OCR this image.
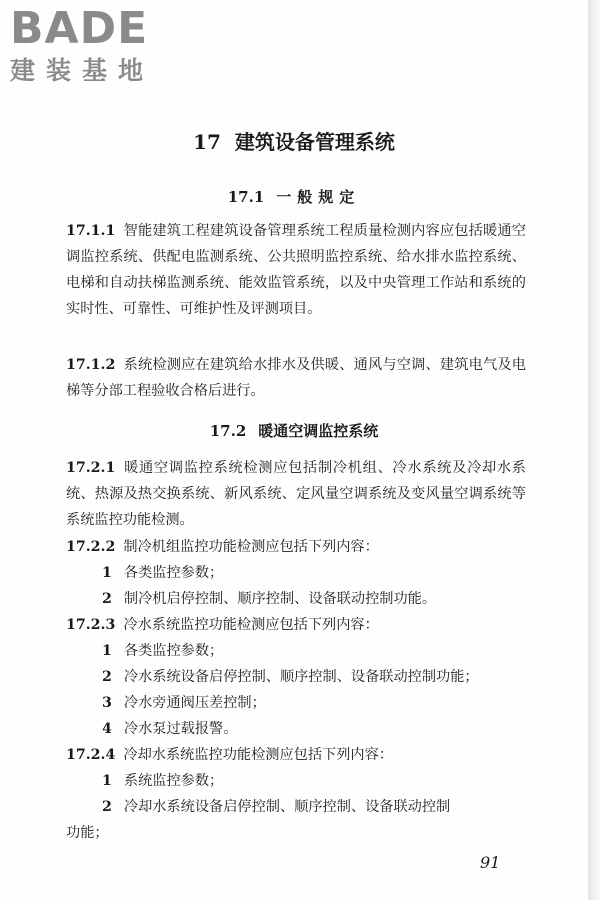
BADE
建装基地
17 建筑设备管理系统
17.1 一般规定
17.1.1 智能建筑工程建筑设备管理系统工程质量检测内容应包括暖通空调监控系统、供配电监测系统、公共照明监控系统、给水排水监控系统、电梯和自动扶梯监测系统、能效监管系统，以及中央管理工作站和系统的实时性、可靠性、可维护性及评测项目。
17.1.2 系统检测应在建筑给水排水及供暖、通风与空调、建筑电气及电梯等分部工程验收合格后进行。
17.2 暖通空调监控系统
17.2.1 暖通空调监控系统检测应包括制冷机组、冷水系统及冷却水系统、热源及热交换系统、新风系统、定风量空调系统及变风量空调系统等系统监控功能检测。
17.2.2 制冷机组监控功能检测应包括下列内容：
1 各类监控参数；
2 制冷机启停控制、顺序控制、设备联动控制功能。
17.2.3 冷水系统监控功能检测应包括下列内容：
1 各类监控参数；
2 冷水系统设备启停控制、顺序控制、设备联动控制功能；
3 冷水旁通阀压差控制；
4 冷水泵过载报警。
17.2.4 冷却水系统监控功能检测应包括下列内容：
1 系统监控参数；
2 冷却水系统设备启停控制、顺序控制、设备联动控制
功能；
91
